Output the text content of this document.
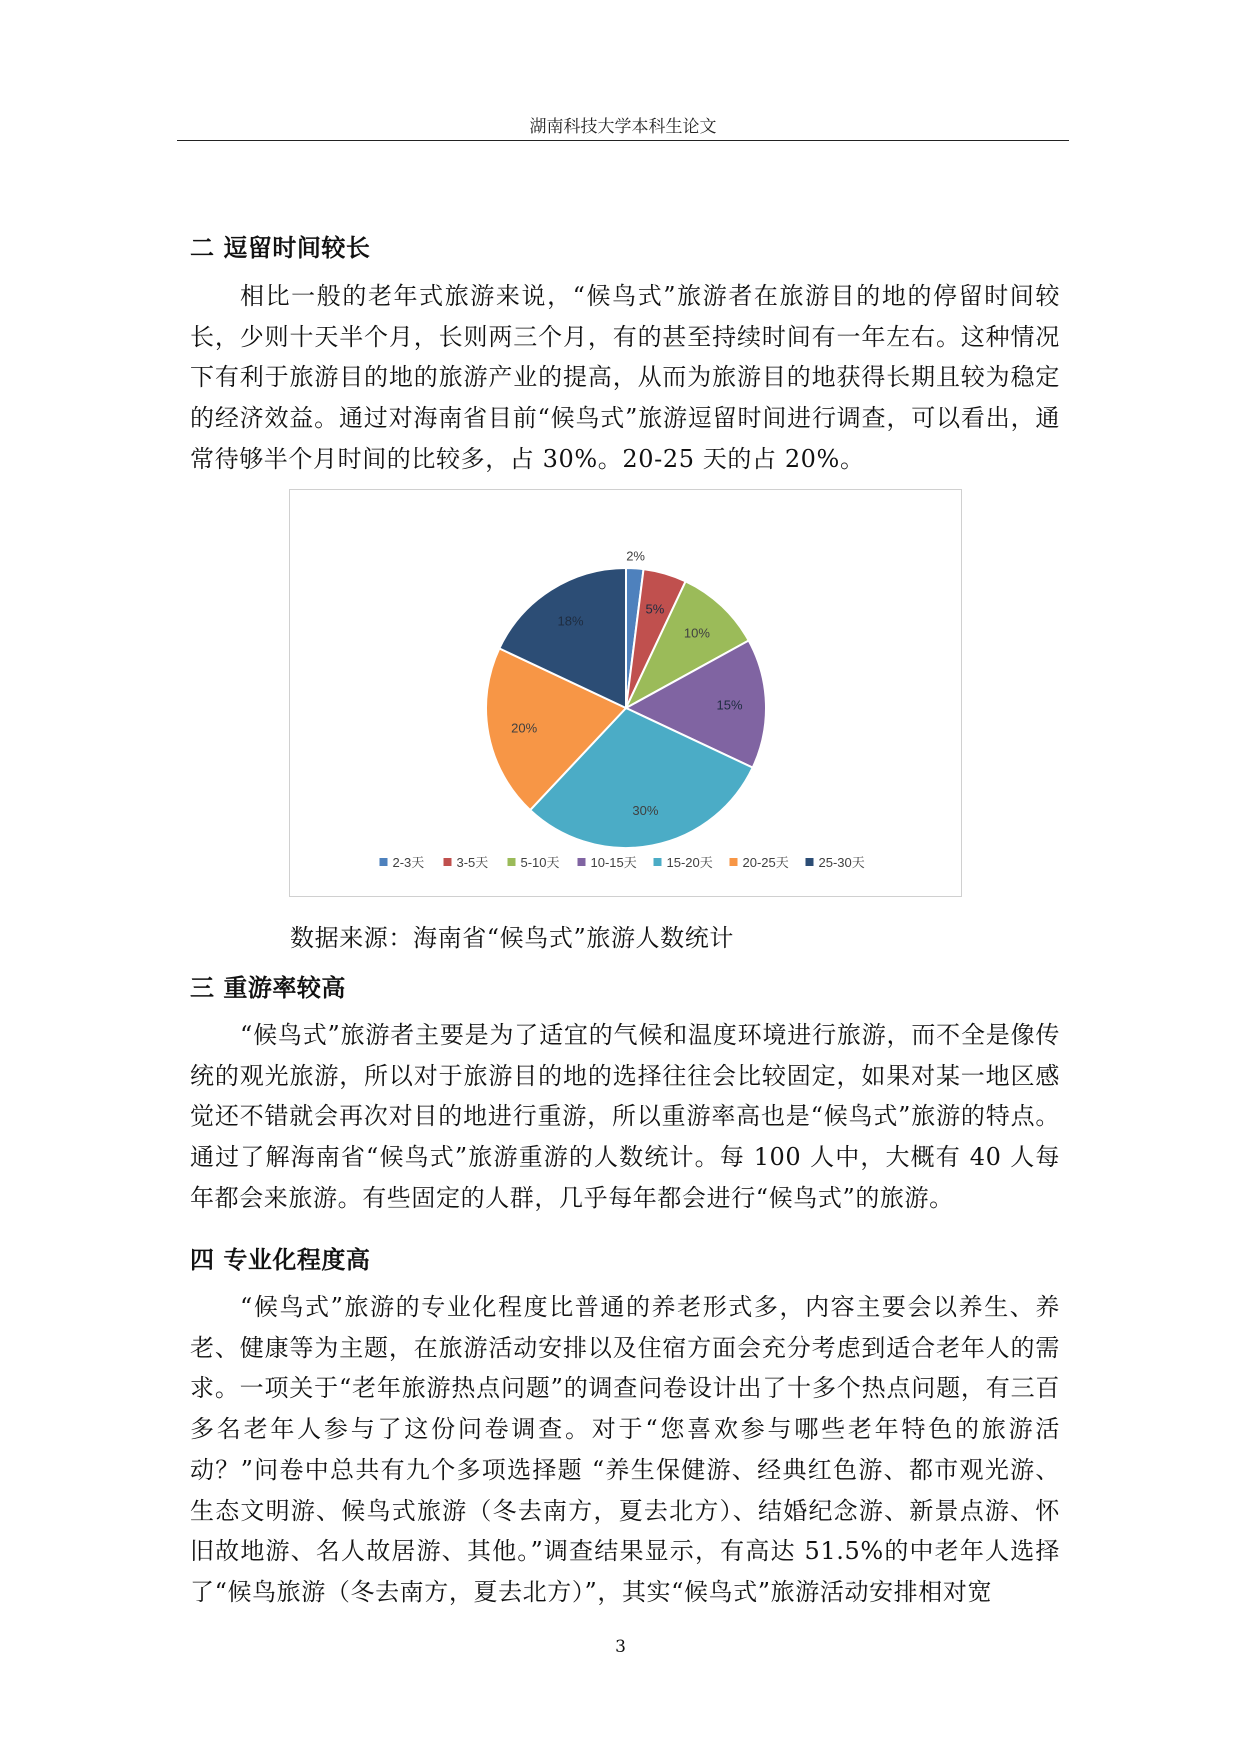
湖南科技大学本科生论文
二 逗留时间较长

相比一般的老年式旅游来说，“候鸟式”旅游者在旅游目的地的停留时间较长，少则十天半个月，长则两三个月，有的甚至持续时间有一年左右。这种情况下有利于旅游目的地的旅游产业的提高，从而为旅游目的地获得长期且较为稳定的经济效益。通过对海南省目前“候鸟式”旅游逗留时间进行调查，可以看出，通常待够半个月时间的比较多，占 30%。20-25 天的占 20%。

2%
5%
10%
15%
30%
20%
18%
2-3天 3-5天 5-10天 10-15天 15-20天 20-25天 25-30天

数据来源：海南省“候鸟式”旅游人数统计

三 重游率较高

“候鸟式”旅游者主要是为了适宜的气候和温度环境进行旅游，而不全是像传统的观光旅游，所以对于旅游目的地的选择往往会比较固定，如果对某一地区感觉还不错就会再次对目的地进行重游，所以重游率高也是“候鸟式”旅游的特点。通过了解海南省“候鸟式”旅游重游的人数统计。每 100 人中，大概有 40 人每年都会来旅游。有些固定的人群，几乎每年都会进行“候鸟式”的旅游。

四 专业化程度高

“候鸟式”旅游的专业化程度比普通的养老形式多，内容主要会以养生、养老、健康等为主题，在旅游活动安排以及住宿方面会充分考虑到适合老年人的需求。一项关于“老年旅游热点问题”的调查问卷设计出了十多个热点问题，有三百多名老年人参与了这份问卷调查。对于“您喜欢参与哪些老年特色的旅游活动？”问卷中总共有九个多项选择题 “养生保健游、经典红色游、都市观光游、生态文明游、候鸟式旅游（冬去南方，夏去北方）、结婚纪念游、新景点游、怀旧故地游、名人故居游、其他。”调查结果显示，有高达 51.5%的中老年人选择了“候鸟旅游（冬去南方，夏去北方）”，其实“候鸟式”旅游活动安排相对宽

3
